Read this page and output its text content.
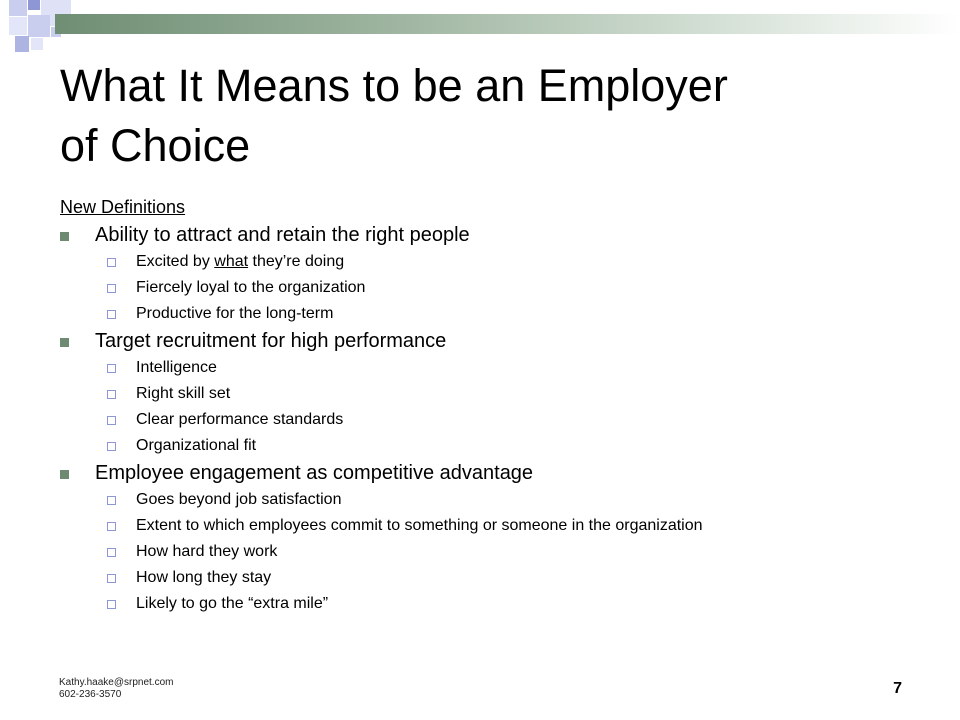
What It Means to be an Employer
of Choice
New Definitions
Ability to attract and retain the right people
Excited by what they’re doing
Fiercely loyal to the organization
Productive for the long-term
Target recruitment for high performance
Intelligence
Right skill set
Clear performance standards
Organizational fit
Employee engagement as competitive advantage
Goes beyond job satisfaction
Extent to which employees commit to something or someone in the organization
How hard they work
How long they stay
Likely to go the “extra mile”
Kathy.haake@srpnet.com
602-236-3570	7
